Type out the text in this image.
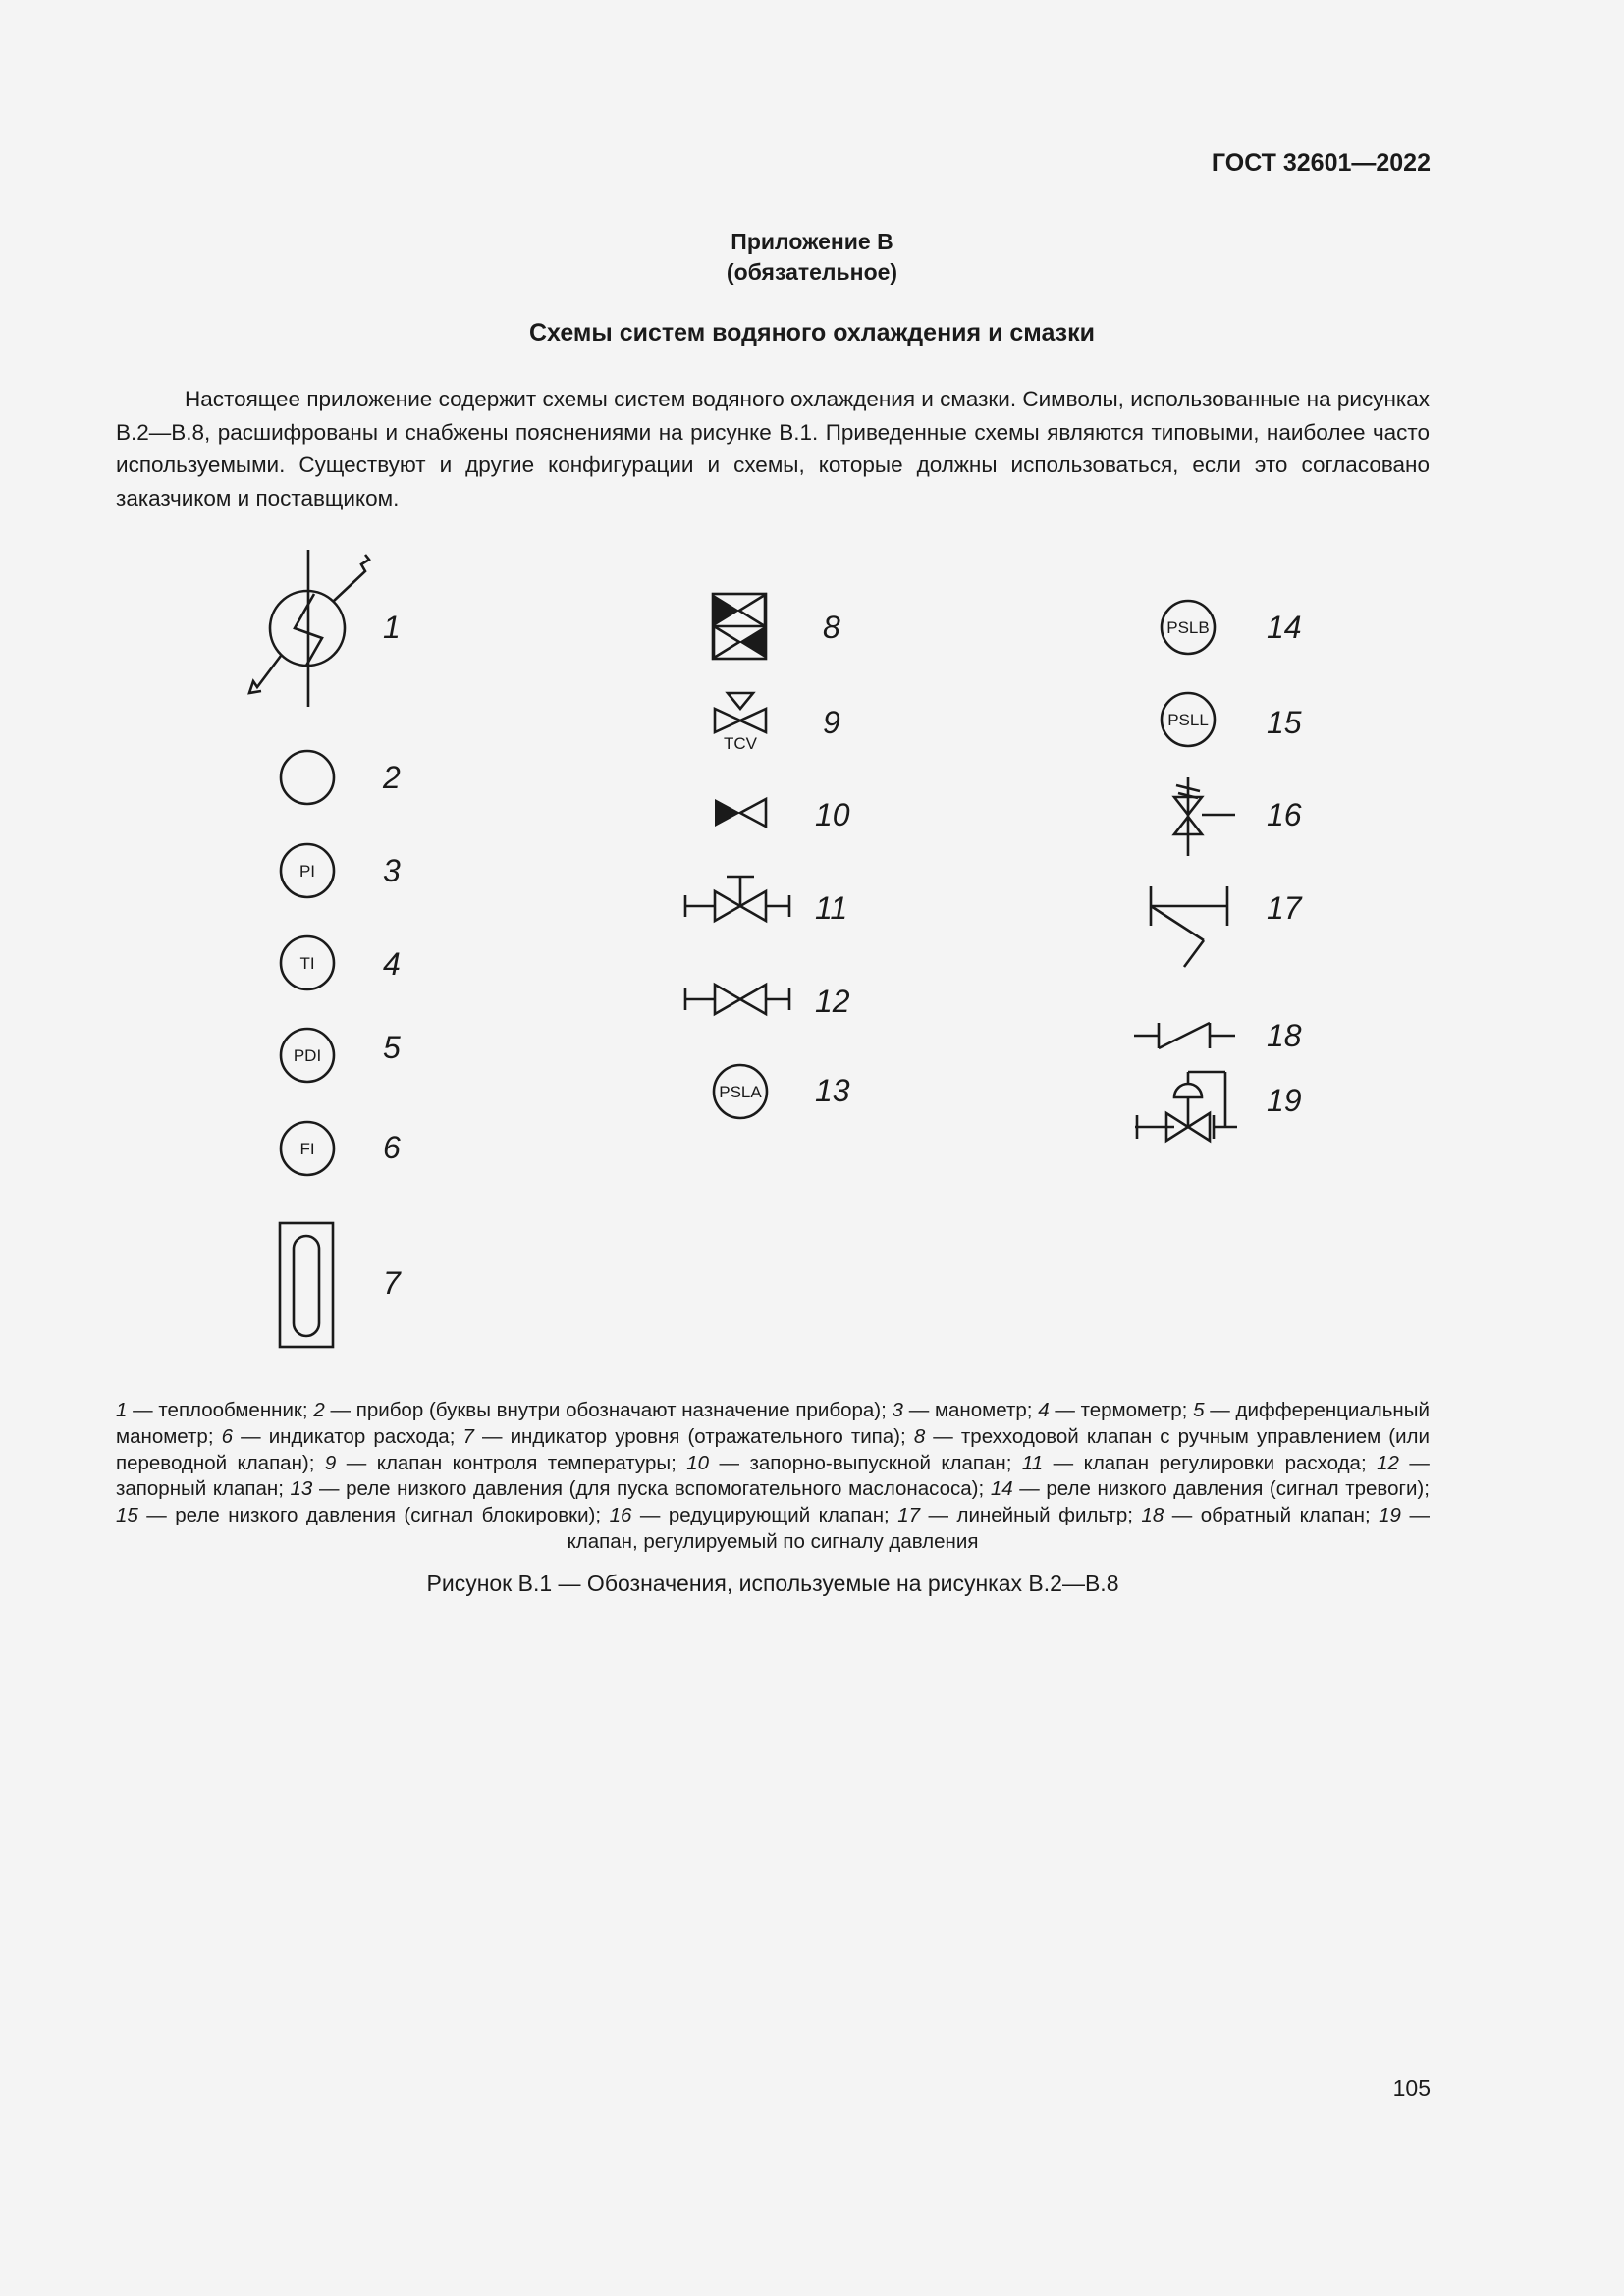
ГОСТ 32601—2022
Приложение В
(обязательное)
Схемы систем водяного охлаждения и смазки

Настоящее приложение содержит схемы систем водяного охлаждения и смазки. Символы, использованные на рисунках В.2—В.8, расшифрованы и снабжены пояснениями на рисунке В.1. Приведенные схемы являются типовыми, наиболее часто используемыми. Существуют и другие конфигурации и схемы, которые должны использоваться, если это согласовано заказчиком и поставщиком.

1
2
PI 3
TI 4
PDI 5
FI 6
7
8
TCV
9
10
11
12
PSLA 13
PSLB 14
PSLL 15
16
17
18
19

1 — теплообменник; 2 — прибор (буквы внутри обозначают назначение прибора); 3 — манометр; 4 — термометр; 5 — дифференциальный манометр; 6 — индикатор расхода; 7 — индикатор уровня (отражательного типа); 8 — трехходовой клапан с ручным управлением (или переводной клапан); 9 — клапан контроля температуры; 10 — запорно-выпускной клапан; 11 — клапан регулировки расхода; 12 — запорный клапан; 13 — реле низкого давления (для пуска вспомогательного маслонасоса); 14 — реле низкого давления (сигнал тревоги); 15 — реле низкого давления (сигнал блокировки); 16 — редуцирующий клапан; 17 — линейный фильтр; 18 — обратный клапан; 19 — клапан, регулируемый по сигналу давления

Рисунок В.1 — Обозначения, используемые на рисунках В.2—В.8
105
